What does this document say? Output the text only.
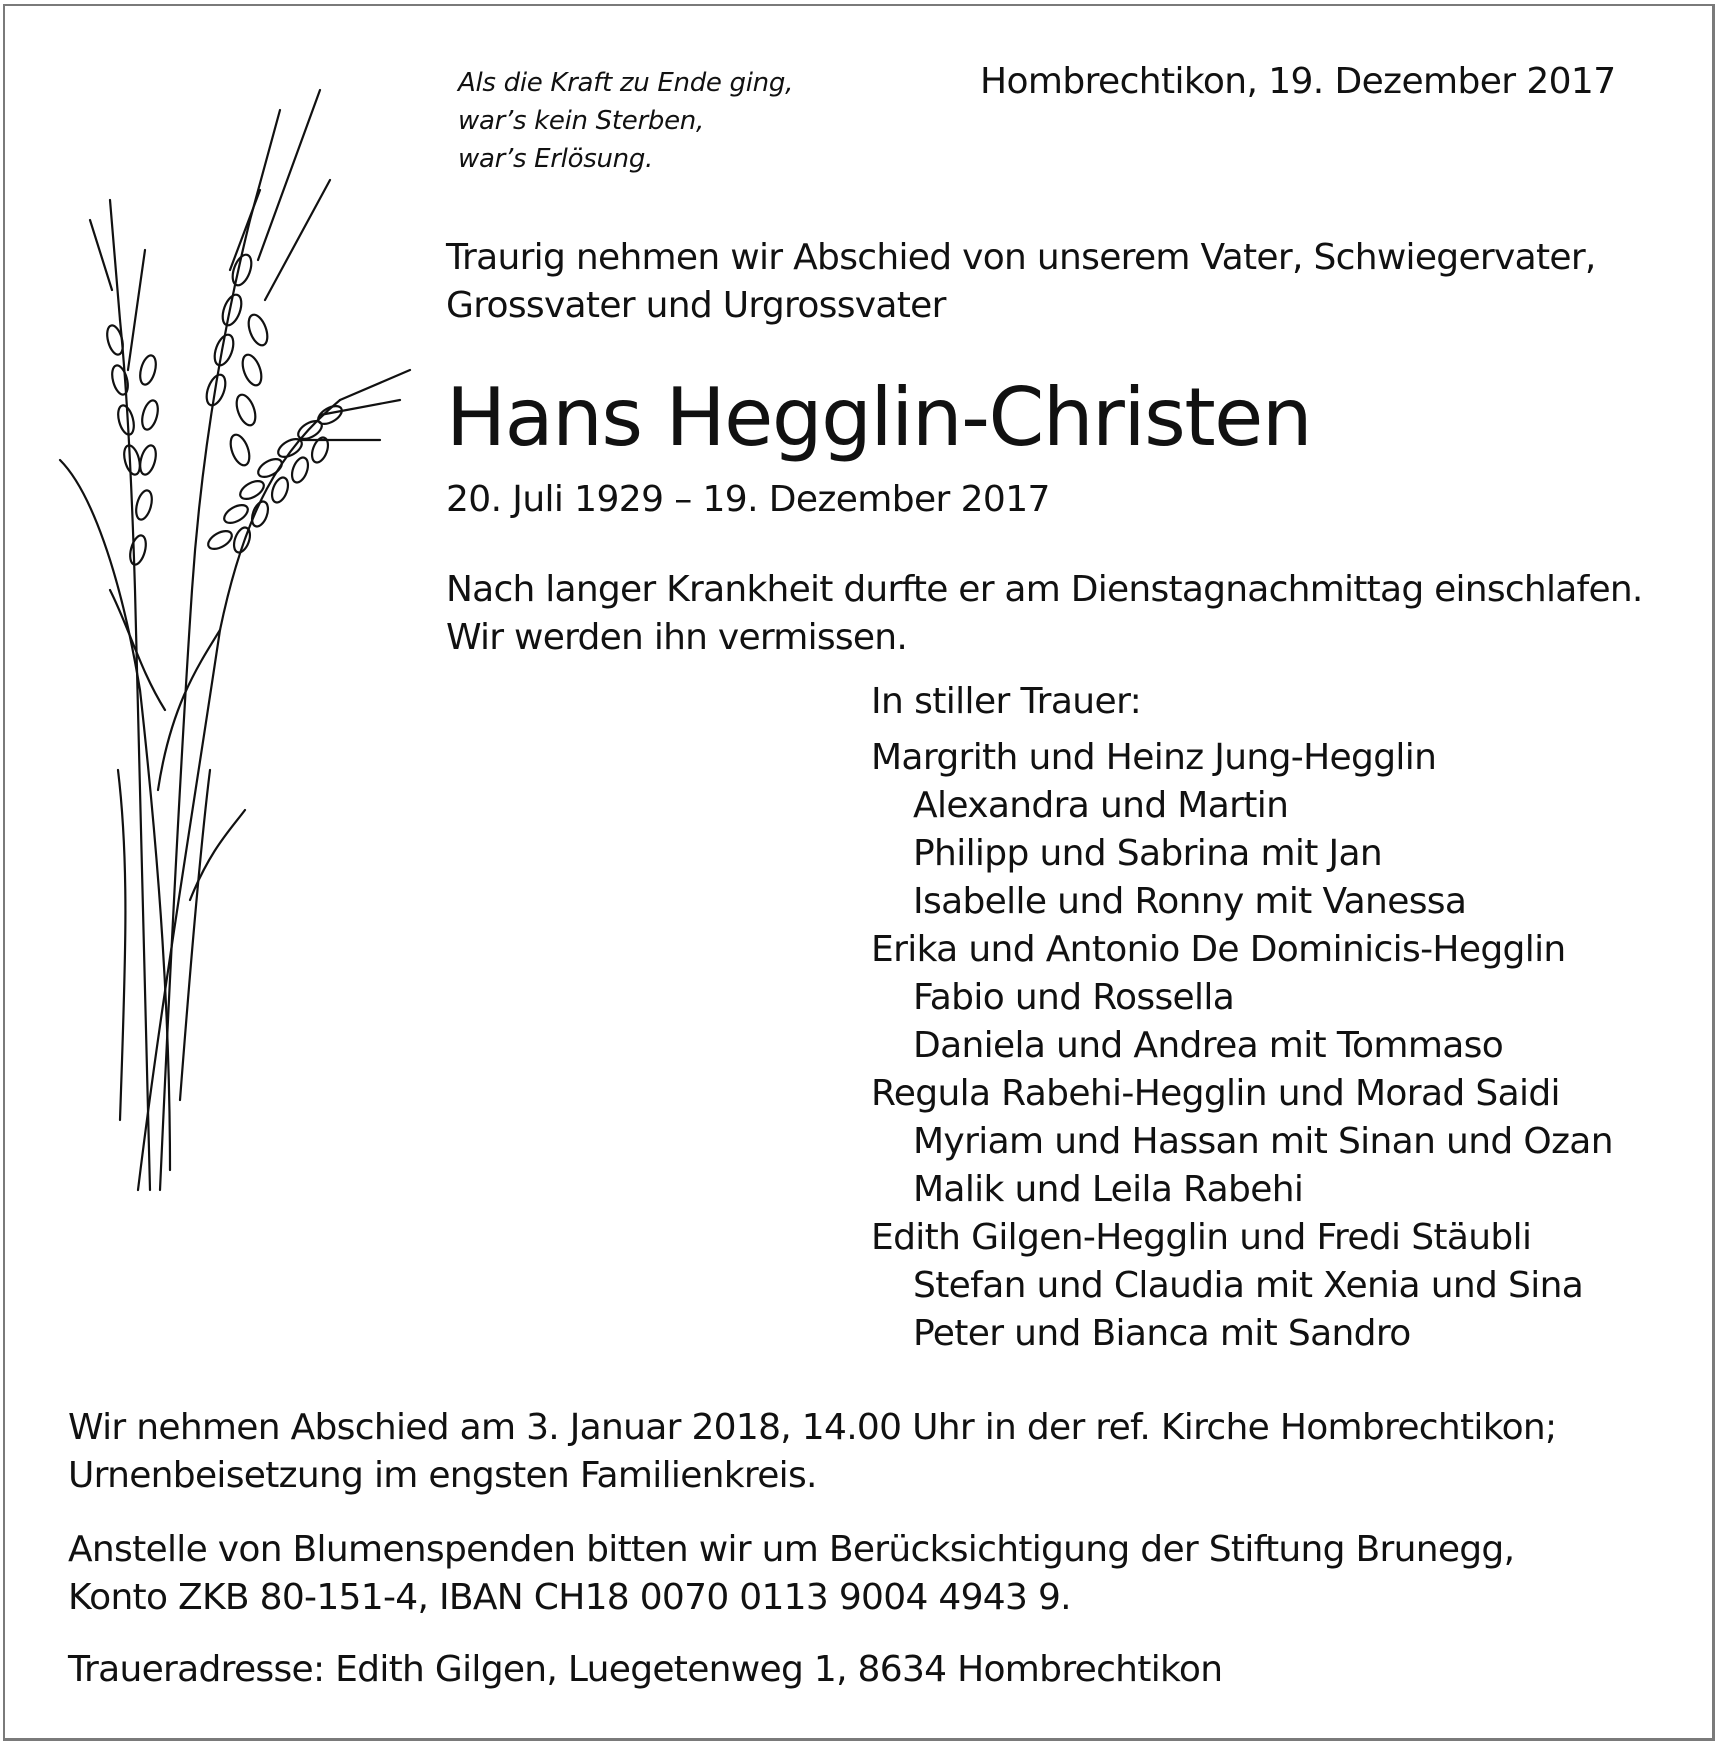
Als die Kraft zu Ende ging,
war’s kein Sterben,
war’s Erlösung.
Hombrechtikon, 19. Dezember 2017
Traurig nehmen wir Abschied von unserem Vater, Schwiegervater,
Grossvater und Urgrossvater
Hans Hegglin-Christen
20. Juli 1929 – 19. Dezember 2017
Nach langer Krankheit durfte er am Dienstagnachmittag einschlafen.
Wir werden ihn vermissen.
In stiller Trauer:
Margrith und Heinz Jung-Hegglin
Alexandra und Martin
Philipp und Sabrina mit Jan
Isabelle und Ronny mit Vanessa
Erika und Antonio De Dominicis-Hegglin
Fabio und Rossella
Daniela und Andrea mit Tommaso
Regula Rabehi-Hegglin und Morad Saidi
Myriam und Hassan mit Sinan und Ozan
Malik und Leila Rabehi
Edith Gilgen-Hegglin und Fredi Stäubli
Stefan und Claudia mit Xenia und Sina
Peter und Bianca mit Sandro
Wir nehmen Abschied am 3. Januar 2018, 14.00 Uhr in der ref. Kirche Hombrechtikon;
Urnenbeisetzung im engsten Familienkreis.
Anstelle von Blumenspenden bitten wir um Berücksichtigung der Stiftung Brunegg,
Konto ZKB 80-151-4, IBAN CH18 0070 0113 9004 4943 9.
Traueradresse: Edith Gilgen, Luegetenweg 1, 8634 Hombrechtikon
